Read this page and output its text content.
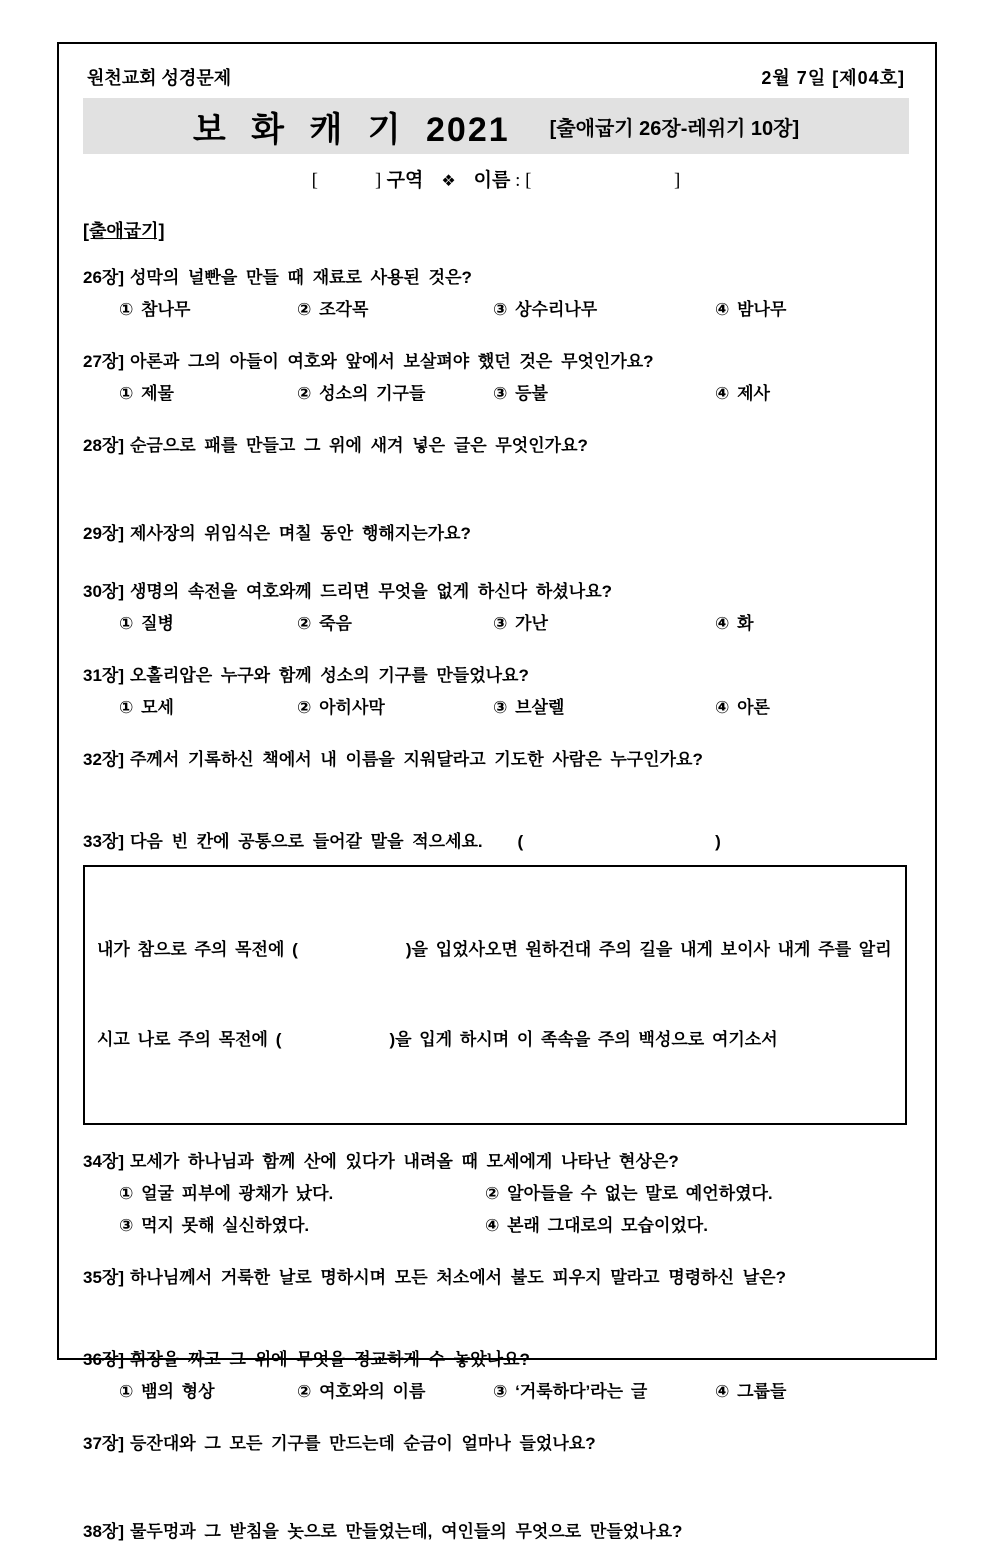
원천교회 성경문제	2월 7일 [제04호]
보 화 캐 기 2021 [출애굽기 26장-레위기 10장]
[            ] 구역 ❖ 이름 : [                              ]
[출애굽기]
26장] 성막의 널빤을 만들 때 재료로 사용된 것은?
① 참나무	② 조각목	③ 상수리나무	④ 밤나무
27장] 아론과 그의 아들이 여호와 앞에서 보살펴야 했던 것은 무엇인가요?
① 제물	② 성소의 기구들	③ 등불	④ 제사
28장] 순금으로 패를 만들고 그 위에 새겨 넣은 글은 무엇인가요?
29장] 제사장의 위임식은 며칠 동안 행해지는가요?
30장] 생명의 속전을 여호와께 드리면 무엇을 없게 하신다 하셨나요?
① 질병	② 죽음	③ 가난	④ 화
31장] 오홀리압은 누구와 함께 성소의 기구를 만들었나요?
① 모세	② 아히사막	③ 브살렐	④ 아론
32장] 주께서 기록하신 책에서 내 이름을 지워달라고 기도한 사람은 누구인가요?
33장] 다음 빈 칸에 공통으로 들어갈 말을 적으세요.    (                      )

내가 참으로 주의 목전에 (              )을 입었사오면 원하건대 주의 길을 내게 보이사 내게 주를 알리

시고 나로 주의 목전에 (              )을 입게 하시며 이 족속을 주의 백성으로 여기소서

34장] 모세가 하나님과 함께 산에 있다가 내려올 때 모세에게 나타난 현상은?
① 얼굴 피부에 광채가 났다.	② 알아들을 수 없는 말로 예언하였다.
③ 먹지 못해 실신하였다.	④ 본래 그대로의 모습이었다.
35장] 하나님께서 거룩한 날로 명하시며 모든 처소에서 불도 피우지 말라고 명령하신 날은?
36장] 휘장을 짜고 그 위에 무엇을 정교하게 수 놓았나요?
① 뱀의 형상	② 여호와의 이름	③ ‘거룩하다’라는 글	④ 그룹들
37장] 등잔대와 그 모든 기구를 만드는데 순금이 얼마나 들었나요?
38장] 물두멍과 그 받침을 놋으로 만들었는데, 여인들의 무엇으로 만들었나요?
